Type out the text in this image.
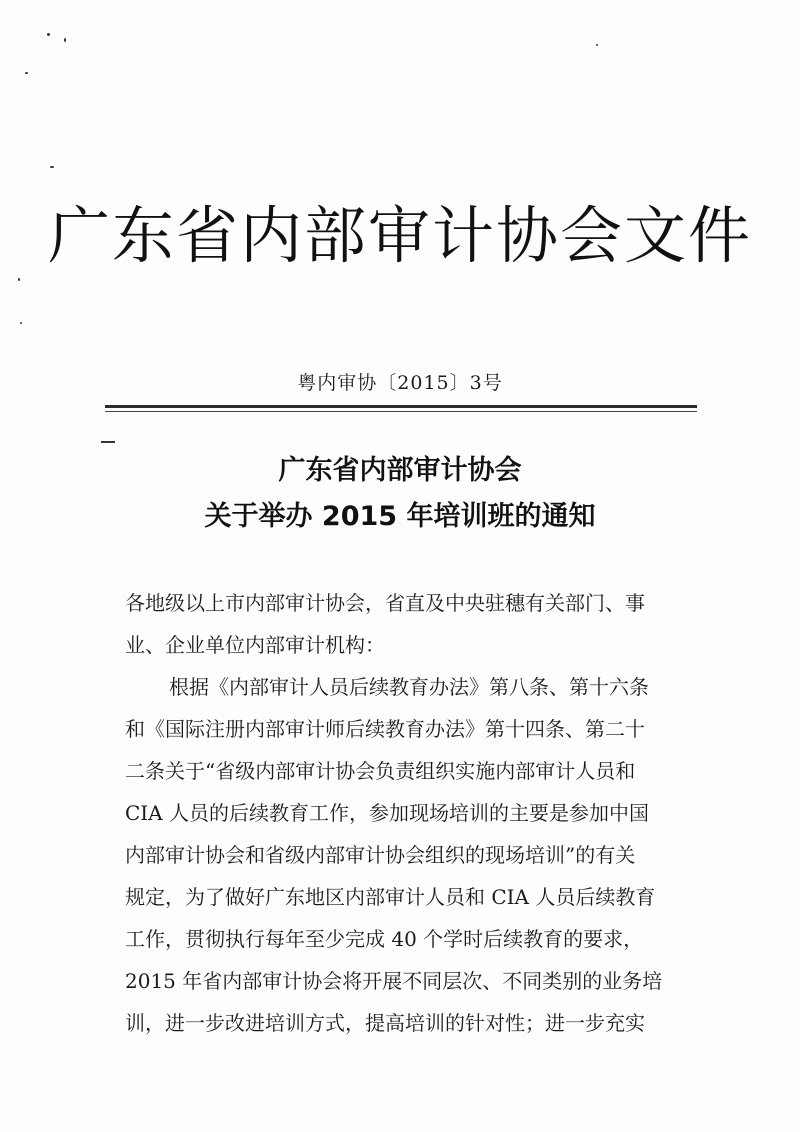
广东省内部审计协会文件
粤内审协〔2015〕3号
广东省内部审计协会
关于举办 2015 年培训班的通知
各地级以上市内部审计协会，省直及中央驻穗有关部门、事
业、企业单位内部审计机构：
根据《内部审计人员后续教育办法》第八条、第十六条
和《国际注册内部审计师后续教育办法》第十四条、第二十
二条关于“省级内部审计协会负责组织实施内部审计人员和
CIA 人员的后续教育工作，参加现场培训的主要是参加中国
内部审计协会和省级内部审计协会组织的现场培训”的有关
规定，为了做好广东地区内部审计人员和 CIA 人员后续教育
工作，贯彻执行每年至少完成 40 个学时后续教育的要求，
2015 年省内部审计协会将开展不同层次、不同类别的业务培
训，进一步改进培训方式，提高培训的针对性；进一步充实
